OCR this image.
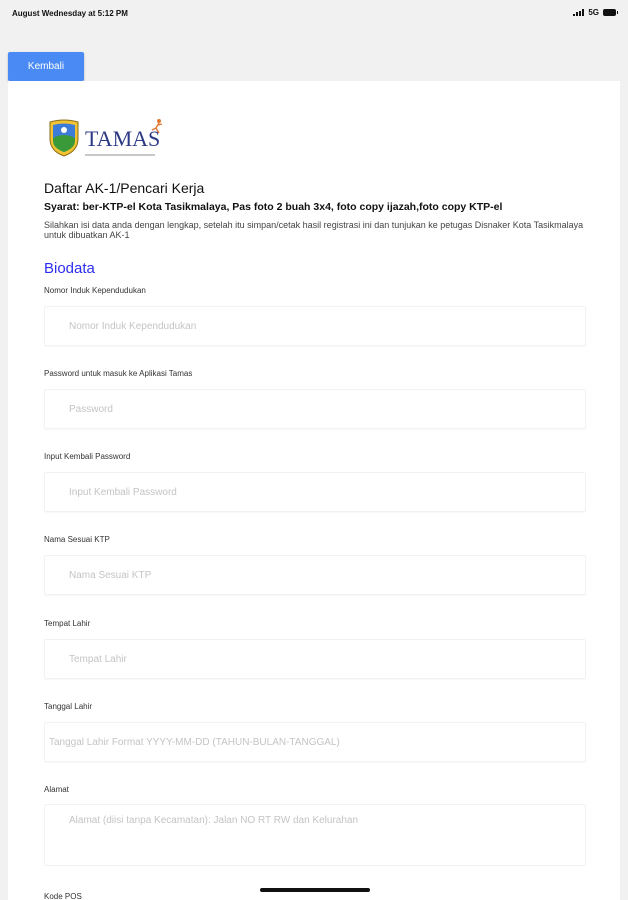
August Wednesday at 5:12 PM	5G
Kembali
TAMAS
Daftar AK-1/Pencari Kerja
Syarat: ber-KTP-el Kota Tasikmalaya, Pas foto 2 buah 3x4, foto copy ijazah,foto copy KTP-el
Silahkan isi data anda dengan lengkap, setelah itu simpan/cetak hasil registrasi ini dan tunjukan ke petugas Disnaker Kota Tasikmalaya untuk dibuatkan AK-1
Biodata
Nomor Induk Kependudukan
Nomor Induk Kependudukan
Password untuk masuk ke Aplikasi Tamas
Input Kembali Password
Nama Sesuai KTP
Nama Sesuai KTP
Tempat Lahir
Tempat Lahir
Tanggal Lahir
Tanggal Lahir Format YYYY-MM-DD (TAHUN-BULAN-TANGGAL)
Alamat
Alamat (diisi tanpa Kecamatan): Jalan NO RT RW dan Kelurahan
Kode POS
